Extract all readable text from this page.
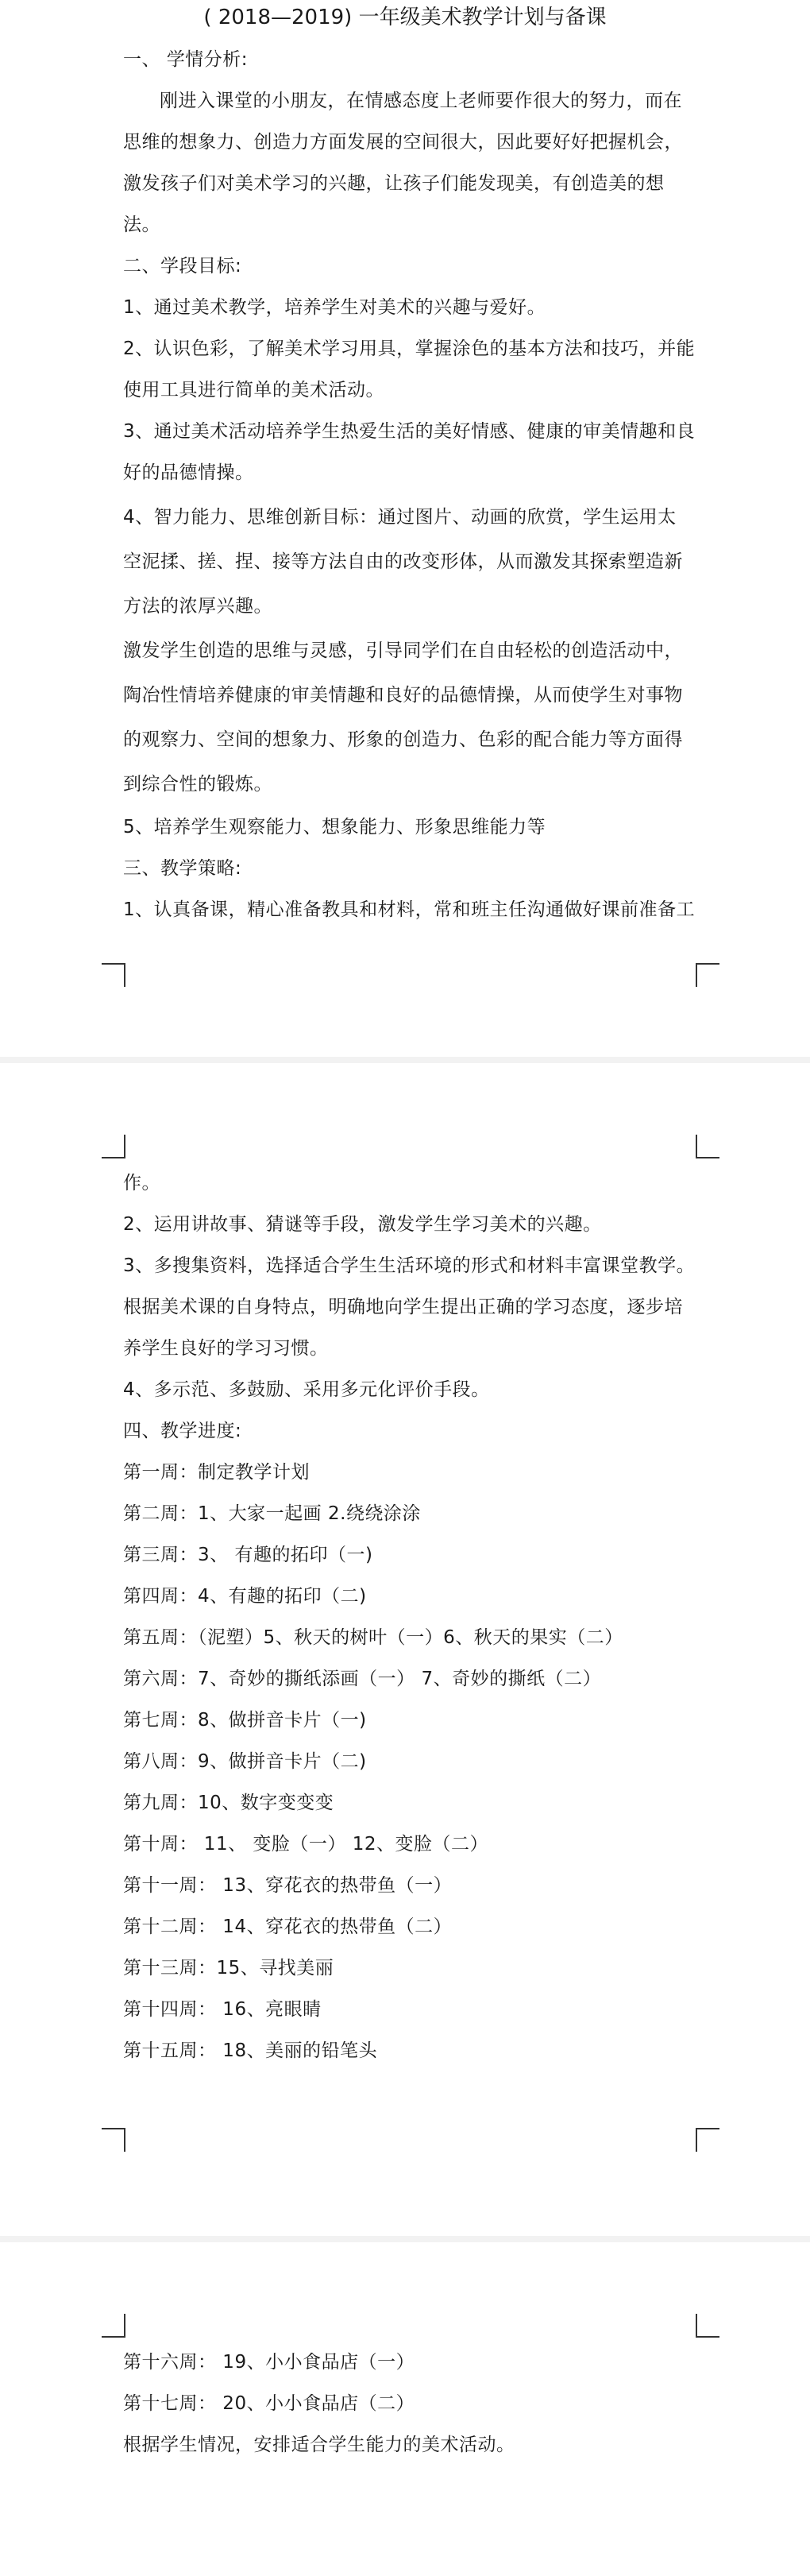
( 2018—2019) 一年级美术教学计划与备课
一、 学情分析:
刚进入课堂的小朋友，在情感态度上老师要作很大的努力，而在
思维的想象力、创造力方面发展的空间很大，因此要好好把握机会，
激发孩子们对美术学习的兴趣，让孩子们能发现美，有创造美的想
法。
二、学段目标:
1、通过美术教学，培养学生对美术的兴趣与爱好。
2、认识色彩，了解美术学习用具，掌握涂色的基本方法和技巧，并能
使用工具进行简单的美术活动。
3、通过美术活动培养学生热爱生活的美好情感、健康的审美情趣和良
好的品德情操。
4、智力能力、思维创新目标：通过图片、动画的欣赏，学生运用太
空泥揉、搓、捏、接等方法自由的改变形体，从而激发其探索塑造新
方法的浓厚兴趣。
激发学生创造的思维与灵感，引导同学们在自由轻松的创造活动中，
陶冶性情培养健康的审美情趣和良好的品德情操，从而使学生对事物
的观察力、空间的想象力、形象的创造力、色彩的配合能力等方面得
到综合性的锻炼。
5、培养学生观察能力、想象能力、形象思维能力等
三、教学策略:
1、认真备课，精心准备教具和材料，常和班主任沟通做好课前准备工
作。
2、运用讲故事、猜谜等手段，激发学生学习美术的兴趣。
3、多搜集资料，选择适合学生生活环境的形式和材料丰富课堂教学。
根据美术课的自身特点，明确地向学生提出正确的学习态度，逐步培
养学生良好的学习习惯。
4、多示范、多鼓励、采用多元化评价手段。
四、教学进度:
第一周：制定教学计划
第二周：1、大家一起画 2.绕绕涂涂
第三周：3、 有趣的拓印（一)
第四周：4、有趣的拓印（二)
第五周：（泥塑）5、秋天的树叶（一）6、秋天的果实（二）
第六周：7、奇妙的撕纸添画（一） 7、奇妙的撕纸（二）
第七周：8、做拼音卡片（一)
第八周：9、做拼音卡片（二)
第九周：10、数字变变变
第十周： 11、 变脸（一） 12、变脸（二）
第十一周： 13、穿花衣的热带鱼（一）
第十二周： 14、穿花衣的热带鱼（二）
第十三周：15、寻找美丽
第十四周： 16、亮眼睛
第十五周： 18、美丽的铅笔头
第十六周： 19、小小食品店（一）
第十七周： 20、小小食品店（二）
根据学生情况，安排适合学生能力的美术活动。
